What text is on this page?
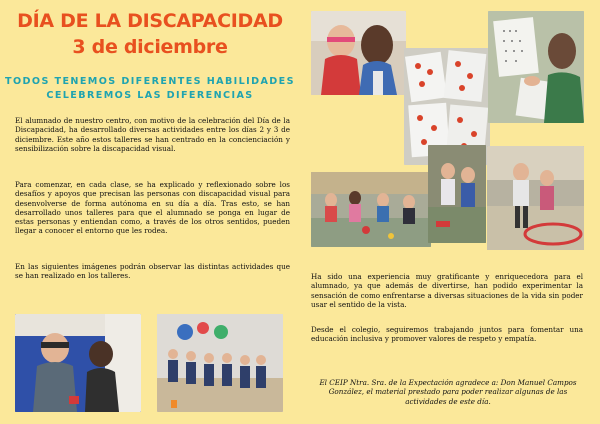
DÍA DE LA DISCAPACIDAD
3 de diciembre
TODOS TENEMOS DIFERENTES HABILIDADES
CELEBREMOS LAS DIFERENCIAS

El alumnado de nuestro centro, con motivo de la celebración del Día de la Discapacidad, ha desarrollado diversas actividades entre los días 2 y 3 de diciembre. Este año estos talleres se han centrado en la concienciación y sensibilización sobre la discapacidad visual.

Para comenzar, en cada clase, se ha explicado y reflexionado sobre los desafíos y apoyos que precisan las personas con discapacidad visual para desenvolverse de forma autónoma en su día a día. Tras esto, se han desarrollado unos talleres para que el alumnado se ponga en lugar de estas personas y entiendan como, a través de los otros sentidos, pueden llegar a conocer el entorno que les rodea.

En las siguientes imágenes podrán observar las distintas actividades que se han realizado en los talleres.	Ha sido una experiencia muy gratificante y enriquecedora para el alumnado, ya que además de divertirse, han podido experimentar la sensación de como enfrentarse a diversas situaciones de la vida sin poder usar el sentido de la vista.

Desde el colegio, seguiremos trabajando juntos para fomentar una educación inclusiva y promover valores de respeto y empatía.

El CEIP Ntra. Sra. de la Expectación agradece a: Don Manuel Campos González, el material prestado para poder realizar algunas de las actividades de este día.
